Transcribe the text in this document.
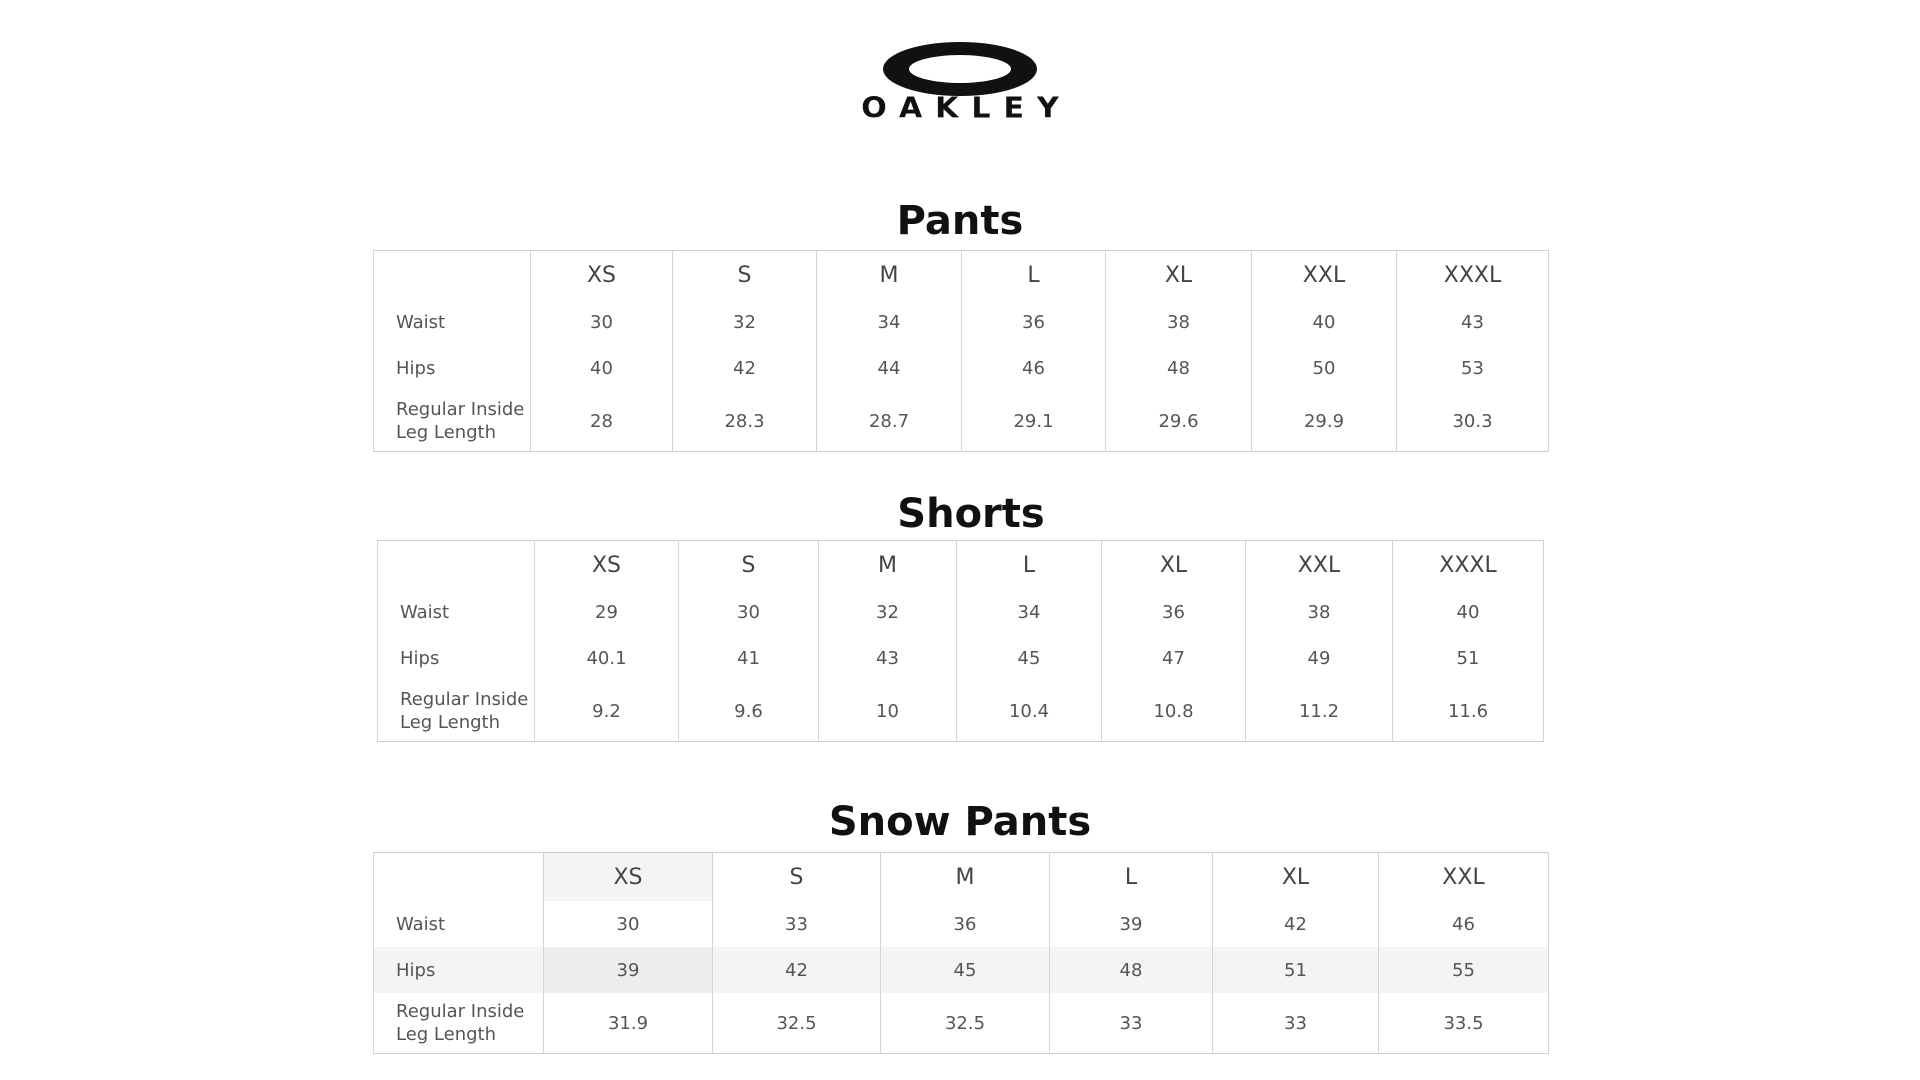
OAKLEY
Pants
	XS	S	M	L	XL	XXL	XXXL
Waist	30	32	34	36	38	40	43
Hips	40	42	44	46	48	50	53
Regular Inside Leg Length	28	28.3	28.7	29.1	29.6	29.9	30.3
Shorts
	XS	S	M	L	XL	XXL	XXXL
Waist	29	30	32	34	36	38	40
Hips	40.1	41	43	45	47	49	51
Regular Inside Leg Length	9.2	9.6	10	10.4	10.8	11.2	11.6
Snow Pants
	XS	S	M	L	XL	XXL
Waist	30	33	36	39	42	46
Hips	39	42	45	48	51	55
Regular Inside Leg Length	31.9	32.5	32.5	33	33	33.5
